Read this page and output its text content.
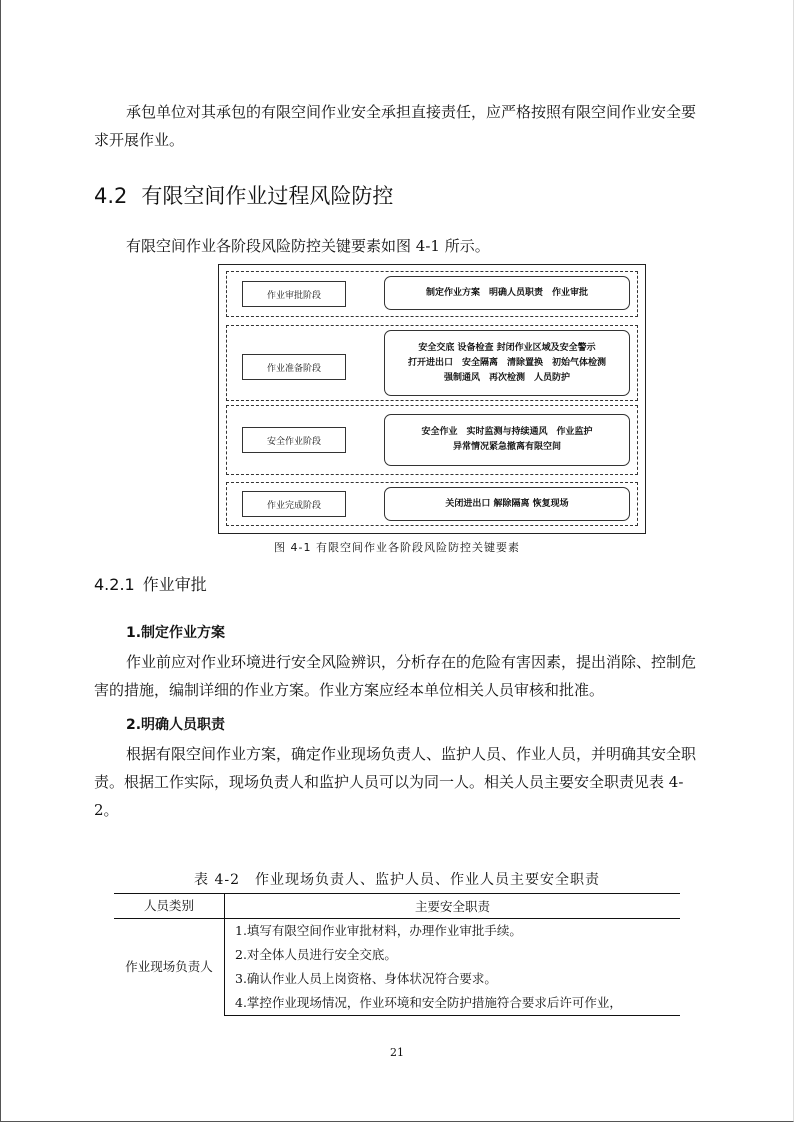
承包单位对其承包的有限空间作业安全承担直接责任，应严格按照有限空间作业安全要求开展作业。

4.2 有限空间作业过程风险防控

有限空间作业各阶段风险防控关键要素如图 4-1 所示。

作业审批阶段	制定作业方案　明确人员职责　作业审批
作业准备阶段
安全交底 设备检查 封闭作业区域及安全警示
打开进出口　安全隔离　清除置换　初始气体检测
强制通风　再次检测　人员防护
安全作业阶段
安全作业　实时监测与持续通风　作业监护
异常情况紧急撤离有限空间
作业完成阶段	关闭进出口 解除隔离 恢复现场
图 4-1 有限空间作业各阶段风险防控关键要素
4.2.1 作业审批
1.制定作业方案

作业前应对作业环境进行安全风险辨识，分析存在的危险有害因素，提出消除、控制危害的措施，编制详细的作业方案。作业方案应经本单位相关人员审核和批准。

2.明确人员职责

根据有限空间作业方案，确定作业现场负责人、监护人员、作业人员，并明确其安全职责。根据工作实际，现场负责人和监护人员可以为同一人。相关人员主要安全职责见表 4-2。

表 4-2　作业现场负责人、监护人员、作业人员主要安全职责
人员类别	主要安全职责

作业现场负责人	1.填写有限空间作业审批材料，办理作业审批手续。
	2.对全体人员进行安全交底。
	3.确认作业人员上岗资格、身体状况符合要求。
	4.掌控作业现场情况，作业环境和安全防护措施符合要求后许可作业，
21
